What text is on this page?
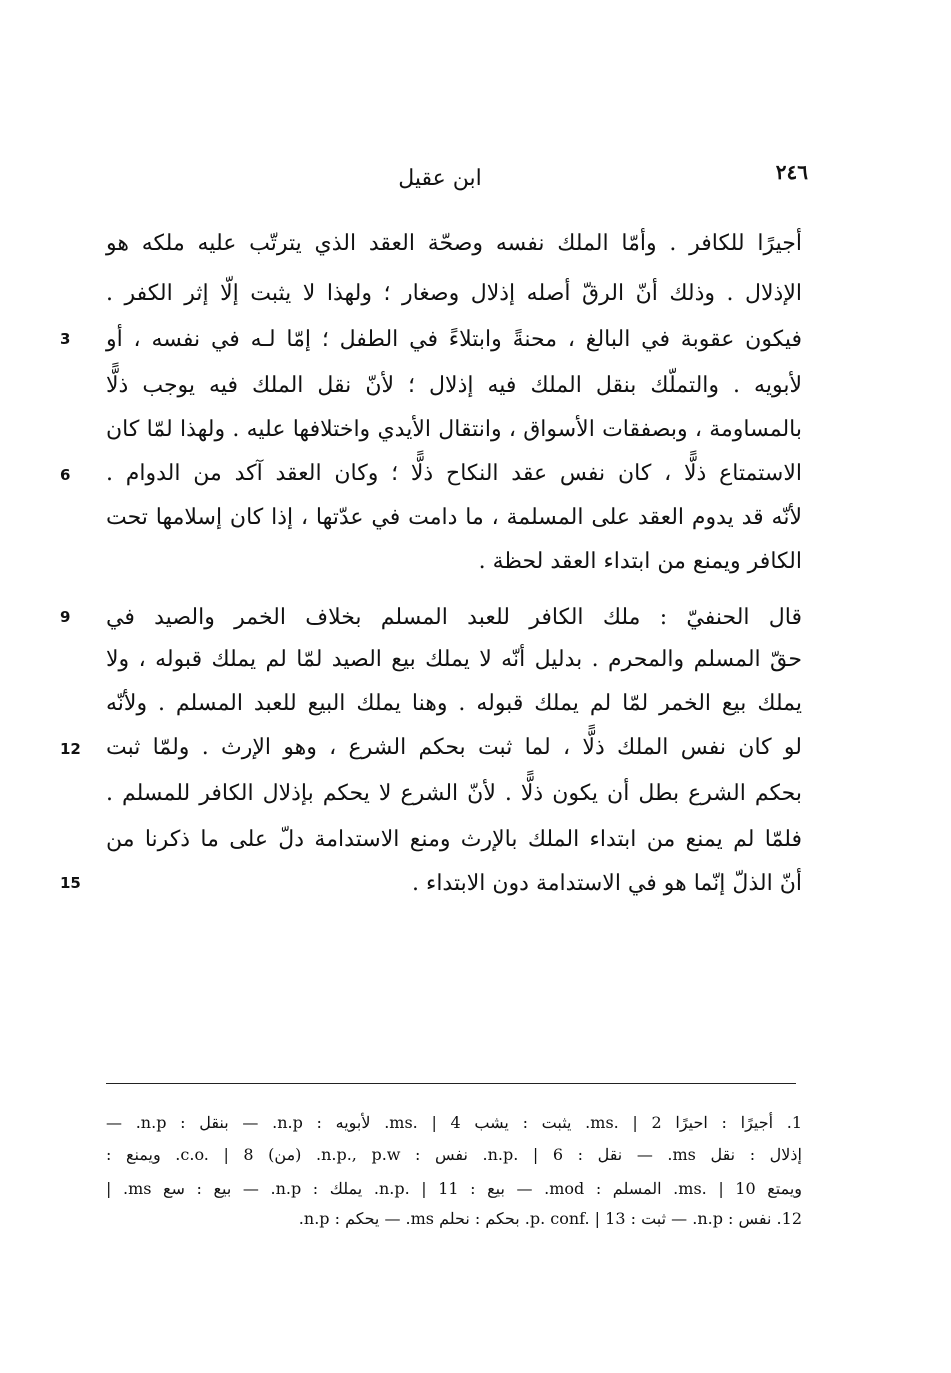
ابن عقيل	٢٤٦
أجيرًا للكافر . وأمّا الملك نفسه وصحّة العقد الذي يترتّب عليه ملكه هو
الإذلال . وذلك أنّ الرقّ أصله إذلال وصغار ؛ ولهذا لا يثبت إلّا إثر الكفر .
فيكون عقوبة في البالغ ، محنةً وابتلاءً في الطفل ؛ إمّا لـه في نفسه ، أو
لأبويه . والتملّك بنقل الملك فيه إذلال ؛ لأنّ نقل الملك فيه يوجب ذلًّا
بالمساومة ، وبصفقات الأسواق ، وانتقال الأيدي واختلافها عليه . ولهذا لمّا كان
الاستمتاع ذلًّا ، كان نفس عقد النكاح ذلًّا ؛ وكان العقد آكد من الدوام .
لأنّه قد يدوم العقد على المسلمة ، ما دامت في عدّتها ، إذا كان إسلامها تحت
الكافر ويمنع من ابتداء العقد لحظة .
قال الحنفيّ : ملك الكافر للعبد المسلم بخلاف الخمر والصيد في
حقّ المسلم والمحرم . بدليل أنّه لا يملك بيع الصيد لمّا لم يملك قبوله ، ولا
يملك بيع الخمر لمّا لم يملك قبوله . وهنا يملك البيع للعبد المسلم . ولأنّه
لو كان نفس الملك ذلًّا ، لما ثبت بحكم الشرع ، وهو الإرث . ولمّا ثبت
بحكم الشرع بطل أن يكون ذلًّا . لأنّ الشرع لا يحكم بإذلال الكافر للمسلم .
فلمّا لم يمنع من ابتداء الملك بالإرث ومنع الاستدامة دلّ على ما ذكرنا من
أنّ الذلّ إنّما هو في الاستدامة دون الابتداء .
3
6
9
12
15
1. أجيرًا : احيرًا ms. | 2. يثبت : يشب ms. | 4. لأبويه : n.p. — بنقل : n.p. —
إذلال : نقل ms. — نقل : n.p. | 6. نفس : n.p., p.w. (من) c.o. | 8. ويمنع :
ويمتع ms. | 10. المسلم : mod. — بيع : n.p. | 11. يملك : n.p. — بيع : سع ms. |
12. نفس : n.p. — ثبت : p. conf. | 13. بحكم : نحلم ms. — يحكم : n.p.
